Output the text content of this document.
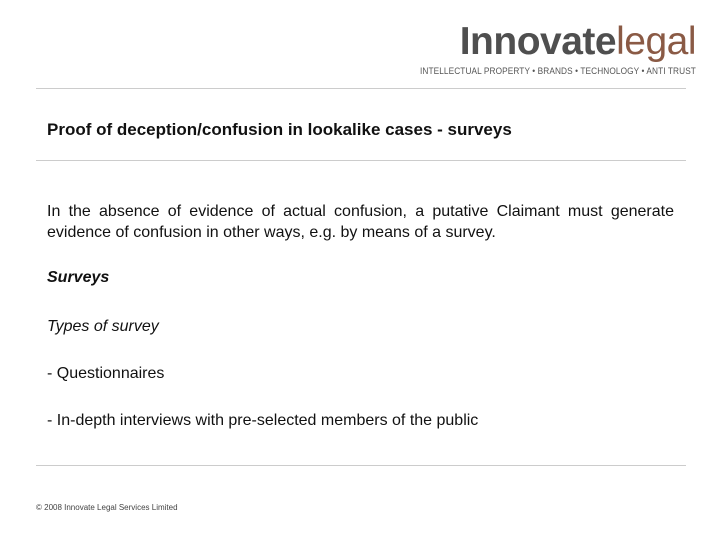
Innovatelegal
INTELLECTUAL PROPERTY • BRANDS • TECHNOLOGY • ANTI TRUST
Proof of deception/confusion in lookalike cases - surveys

In the absence of evidence of actual confusion, a putative Claimant must generate evidence of confusion in other ways, e.g. by means of a survey.

Surveys

Types of survey

- Questionnaires

- In-depth interviews with pre-selected members of the public

© 2008 Innovate Legal Services Limited
